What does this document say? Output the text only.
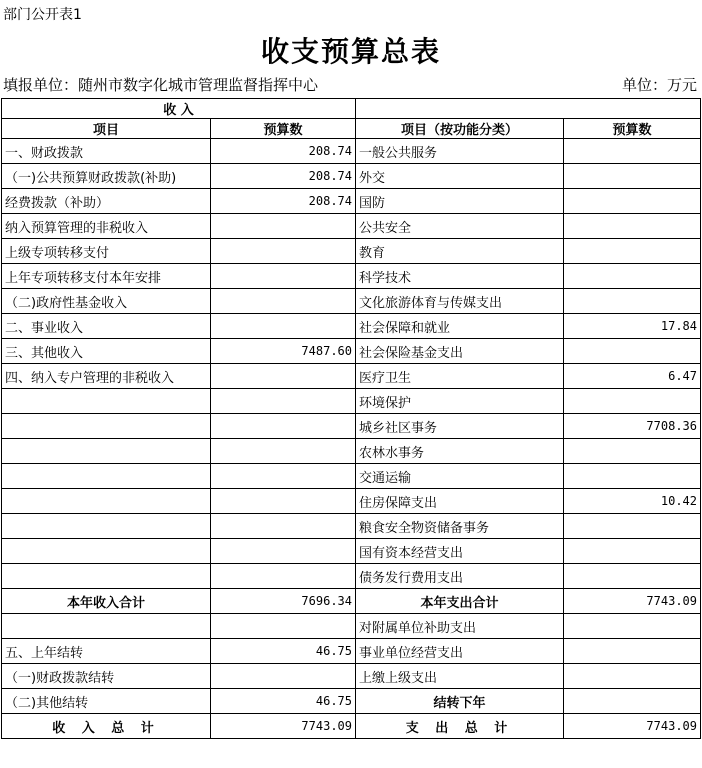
部门公开表1
收支预算总表
填报单位：随州市数字化城市管理监督指挥中心	单位：万元
收 入			
项目	预算数	项目（按功能分类）	预算数
一、财政拨款	208.74	一般公共服务	
（一)公共预算财政拨款(补助)	208.74	外交	
经费拨款（补助）	208.74	国防	
纳入预算管理的非税收入		公共安全	
上级专项转移支付		教育	
上年专项转移支付本年安排		科学技术	
（二)政府性基金收入		文化旅游体育与传媒支出	
二、事业收入		社会保障和就业	17.84
三、其他收入	7487.60	社会保险基金支出	
四、纳入专户管理的非税收入		医疗卫生	6.47
		环境保护	
		城乡社区事务	7708.36
		农林水事务	
		交通运输	
		住房保障支出	10.42
		粮食安全物资储备事务	
		国有资本经营支出	
		债务发行费用支出	
本年收入合计	7696.34	本年支出合计	7743.09
		对附属单位补助支出	
五、上年结转	46.75	事业单位经营支出	
（一)财政拨款结转		上缴上级支出	
（二)其他结转	46.75	结转下年	
收 入 总 计	7743.09	支 出 总 计	7743.09
